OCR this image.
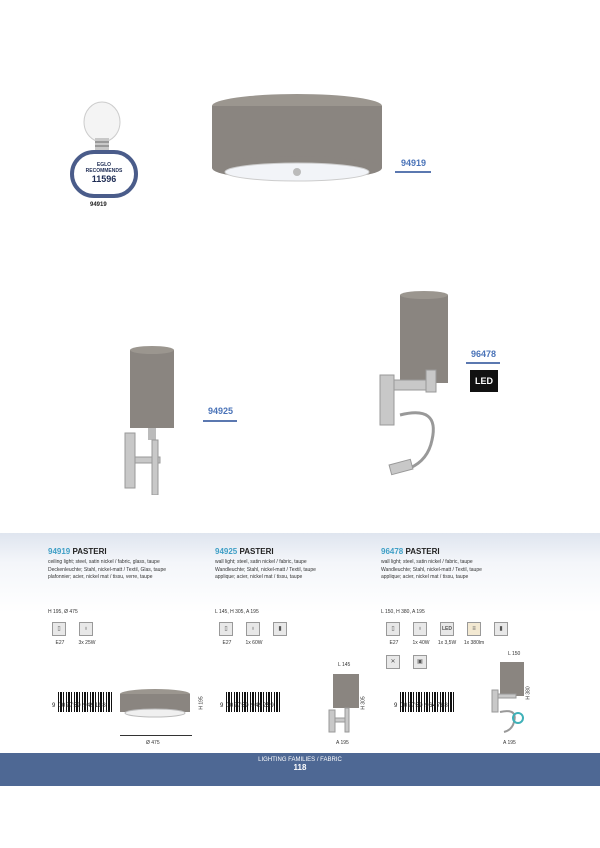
EGLO
RECOMMENDS
11596
94919
94919
94925
96478
LED
94919 PASTERI
ceiling light; steel, satin nickel / fabric, glass, taupe
Deckenleuchte; Stahl, nickel-matt / Textil, Glas, taupe
plafonnier; acier, nickel mat / tissu, verre, taupe
H 195, Ø 475
▯	♁
E27	3x 25W
9 002759 949198
Ø 475
H 195
94925 PASTERI
wall light; steel, satin nickel / fabric, taupe
Wandleuchte; Stahl, nickel-matt / Textil, taupe
applique; acier, nickel mat / tissu, taupe
L 145, H 305, A 195
▯	♁	▮
E27	1x 60W
9 002759 949259
L 145
H 305
A 195
96478 PASTERI
wall light; steel, satin nickel / fabric, taupe
Wandleuchte; Stahl, nickel-matt / Textil, taupe
applique; acier, nickel mat / tissu, taupe
L 150, H 380, A 195
▯	♁	LED	≡	▮
E27	1x 40W	1x 3,5W	1x 380lm
✕	▣
9 002759 964788
L 150
H 380
A 195
LIGHTING FAMILIES / FABRIC
118
